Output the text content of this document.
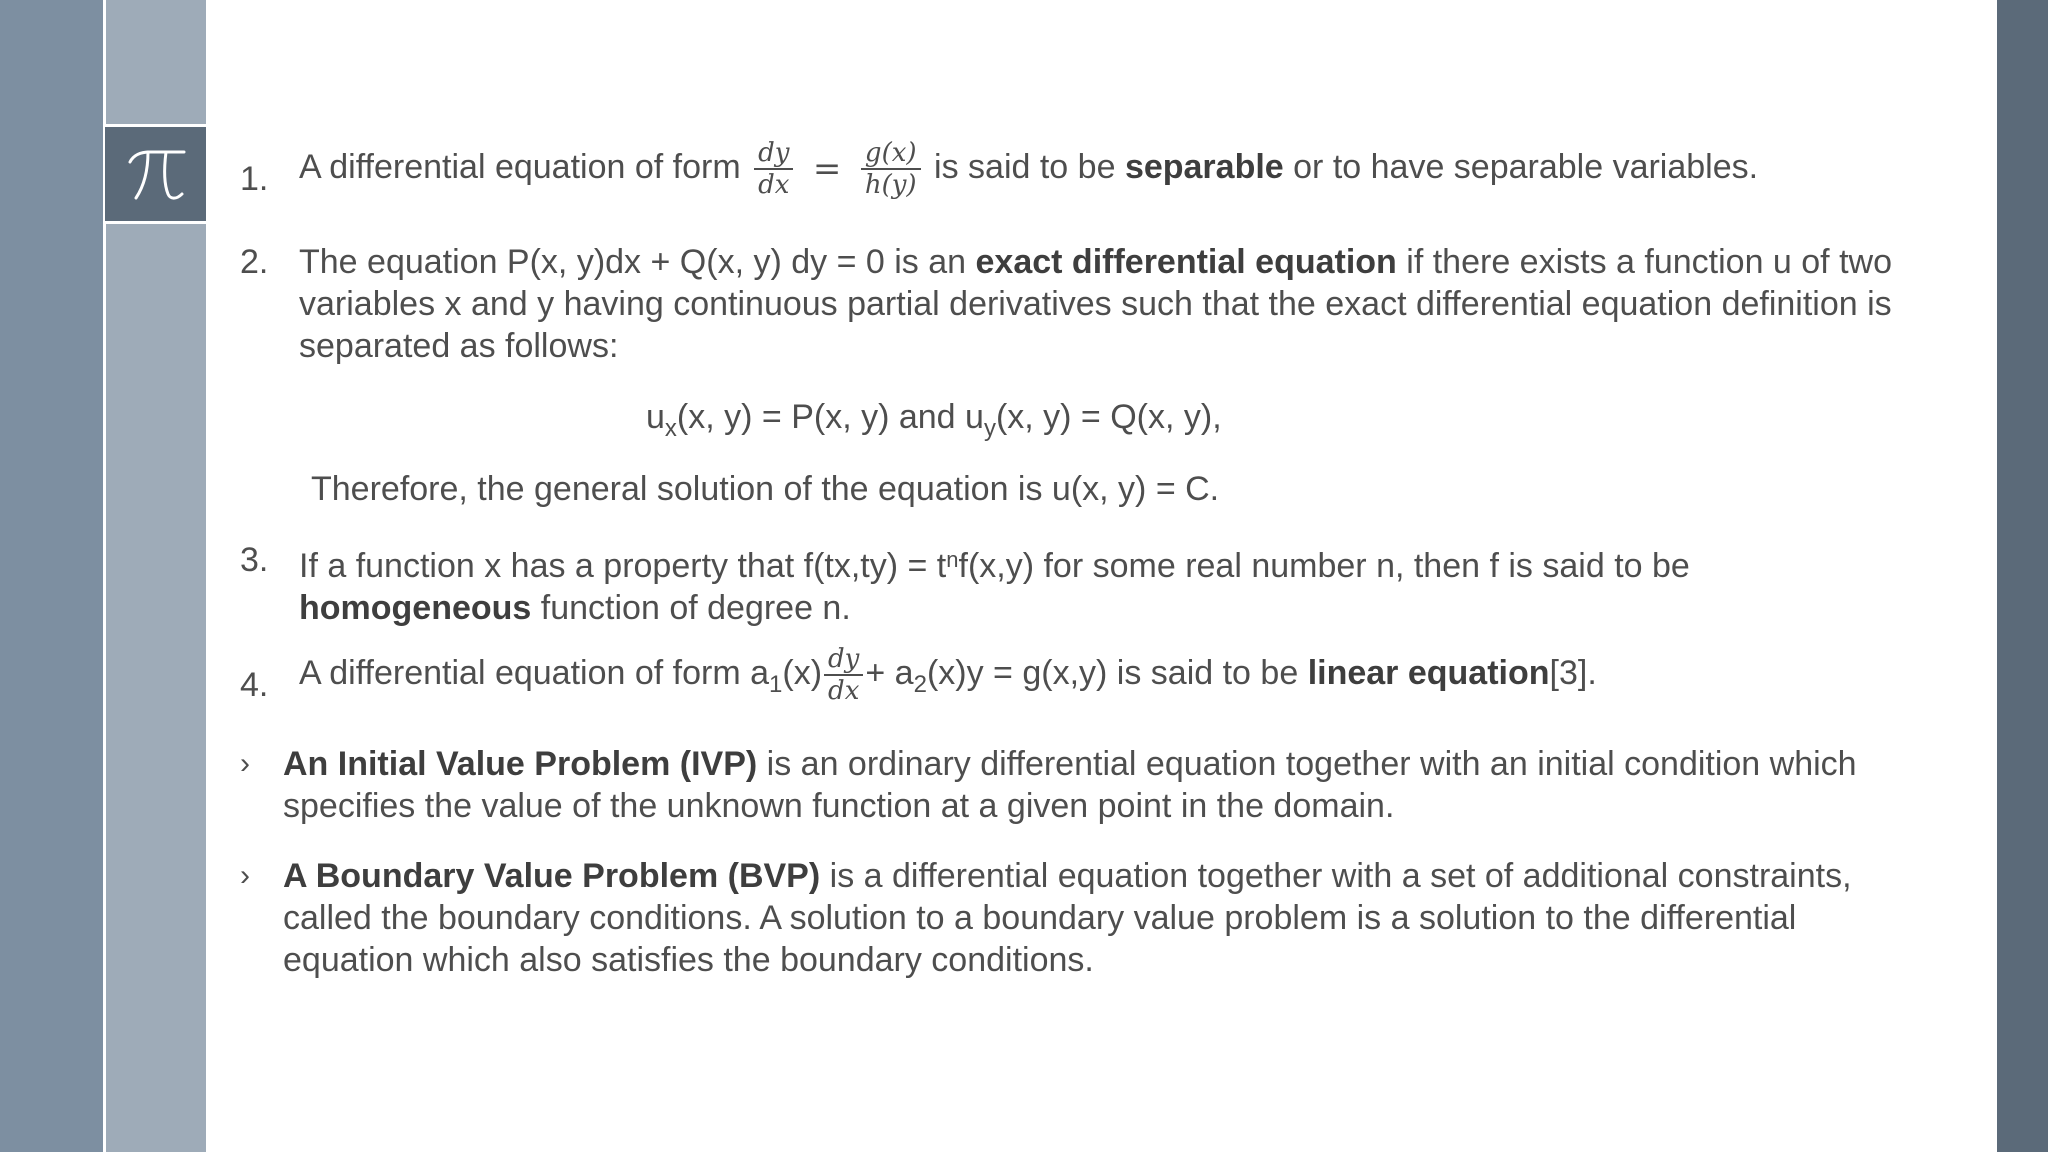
1. A differential equation of form $\frac{dy}{dx} = \frac{g(x)}{h(y)}$ is said to be separable or to have separable variables.
2. The equation P(x, y)dx + Q(x, y) dy = 0 is an exact differential equation if there exists a function u of two variables x and y having continuous partial derivatives such that the exact differential equation definition is separated as follows:
$u_x(x$, y) = P(x, y) and $u_y(x$, y) = Q(x, y),
Therefore, the general solution of the equation is u(x, y) = C.
3. If a function x has a property that $f(tx,ty) = t^nf(x,y)$ for some real number n, then f is said to be homogeneous function of degree n.
4. A differential equation of form $a_1(x) \frac{dy}{dx} + a_2(x)y = g(x,y)$ is said to be linear equation[3].
› An Initial Value Problem (IVP) is an ordinary differential equation together with an initial condition which specifies the value of the unknown function at a given point in the domain.
› A Boundary Value Problem (BVP) is a differential equation together with a set of additional constraints, called the boundary conditions. A solution to a boundary value problem is a solution to the differential equation which also satisfies the boundary conditions.
